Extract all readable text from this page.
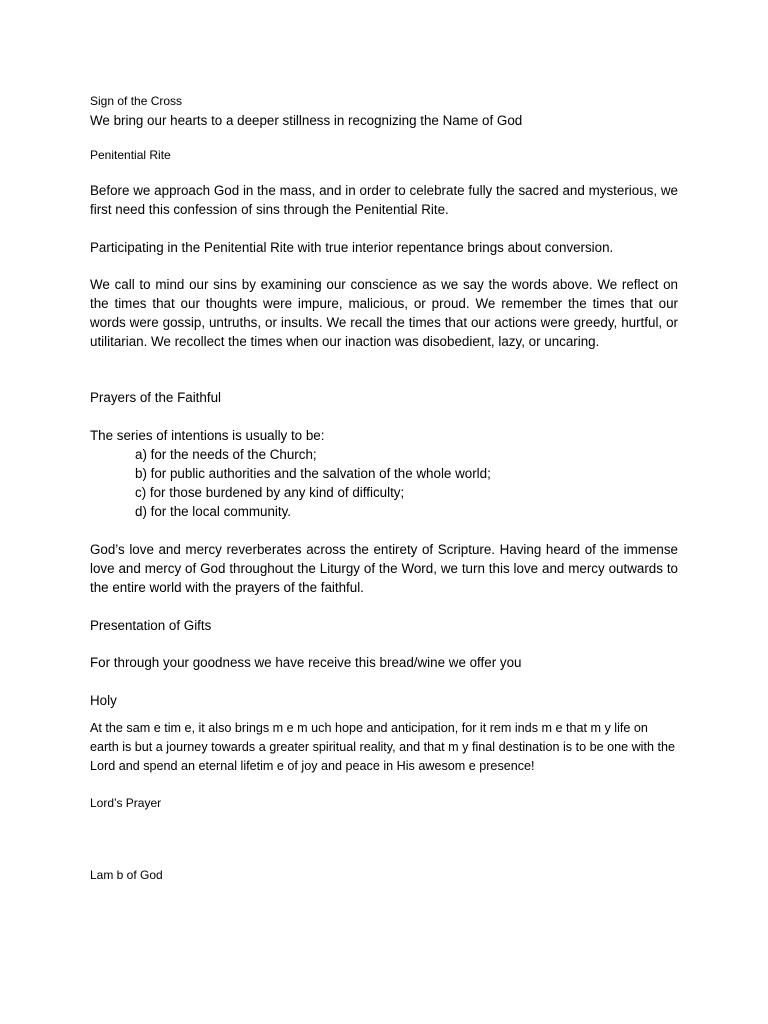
Sign of the Cross
We bring our hearts to a deeper stillness in recognizing the Name of God
Penitential Rite
Before we approach God in the mass, and in order to celebrate fully the sacred and mysterious, we first need this confession of sins through the Penitential Rite.
Participating in the Penitential Rite with true interior repentance brings about conversion.
We call to mind our sins by examining our conscience as we say the words above. We reflect on the times that our thoughts were impure, malicious, or proud. We remember the times that our words were gossip, untruths, or insults. We recall the times that our actions were greedy, hurtful, or utilitarian. We recollect the times when our inaction was disobedient, lazy, or uncaring.
Prayers of the Faithful
The series of intentions is usually to be:
a) for the needs of the Church;
b) for public authorities and the salvation of the whole world;
c) for those burdened by any kind of difficulty;
d) for the local community.
God’s love and mercy reverberates across the entirety of Scripture. Having heard of the immense love and mercy of God throughout the Liturgy of the Word, we turn this love and mercy outwards to the entire world with the prayers of the faithful.
Presentation of Gifts
For through your goodness we have receive this bread/wine we offer you
Holy
At the sam e tim e, it also brings m e m uch hope and anticipation, for it rem inds m e that m y life on earth is but a journey towards a greater spiritual reality, and that m y final destination is to be one with the Lord and spend an eternal lifetim e of joy and peace in His awesom e presence!
Lord’s Prayer
Lam b of God
